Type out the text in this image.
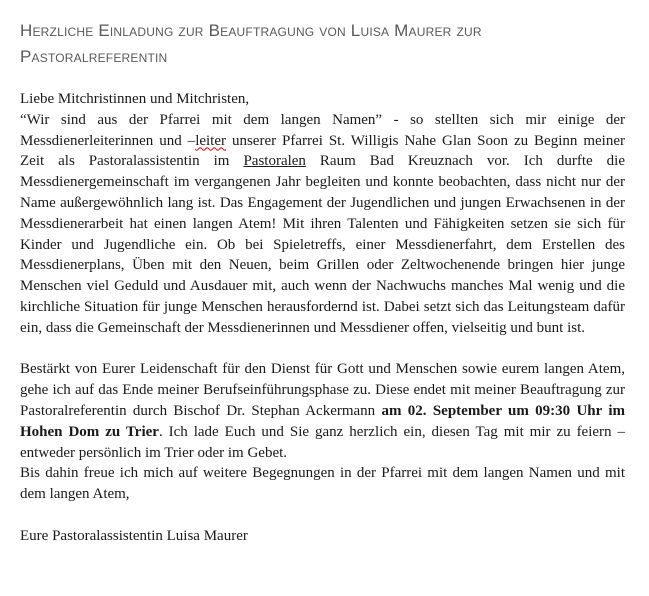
Herzliche Einladung zur Beauftragung von Luisa Maurer zur
Pastoralreferentin

Liebe Mitchristinnen und Mitchristen,

“Wir sind aus der Pfarrei mit dem langen Namen” - so stellten sich mir einige der Messdienerleiterinnen und –leiter unserer Pfarrei St. Willigis Nahe Glan Soon zu Beginn meiner Zeit als Pastoralassistentin im Pastoralen Raum Bad Kreuznach vor. Ich durfte die Messdienergemeinschaft im vergangenen Jahr begleiten und konnte beobachten, dass nicht nur der Name außergewöhnlich lang ist. Das Engagement der Jugendlichen und jungen Erwachsenen in der Messdienerarbeit hat einen langen Atem! Mit ihren Talenten und Fähigkeiten setzen sie sich für Kinder und Jugendliche ein. Ob bei Spieletreffs, einer Messdienerfahrt, dem Erstellen des Messdienerplans, Üben mit den Neuen, beim Grillen oder Zeltwochenende bringen hier junge Menschen viel Geduld und Ausdauer mit, auch wenn der Nachwuchs manches Mal wenig und die kirchliche Situation für junge Menschen herausfordernd ist. Dabei setzt sich das Leitungsteam dafür ein, dass die Gemeinschaft der Messdienerinnen und Messdiener offen, vielseitig und bunt ist.

Bestärkt von Eurer Leidenschaft für den Dienst für Gott und Menschen sowie eurem langen Atem, gehe ich auf das Ende meiner Berufseinführungsphase zu. Diese endet mit meiner Beauftragung zur Pastoralreferentin durch Bischof Dr. Stephan Ackermann am 02. September um 09:30 Uhr im Hohen Dom zu Trier. Ich lade Euch und Sie ganz herzlich ein, diesen Tag mit mir zu feiern – entweder persönlich im Trier oder im Gebet.

Bis dahin freue ich mich auf weitere Begegnungen in der Pfarrei mit dem langen Namen und mit dem langen Atem,

Eure Pastoralassistentin Luisa Maurer
